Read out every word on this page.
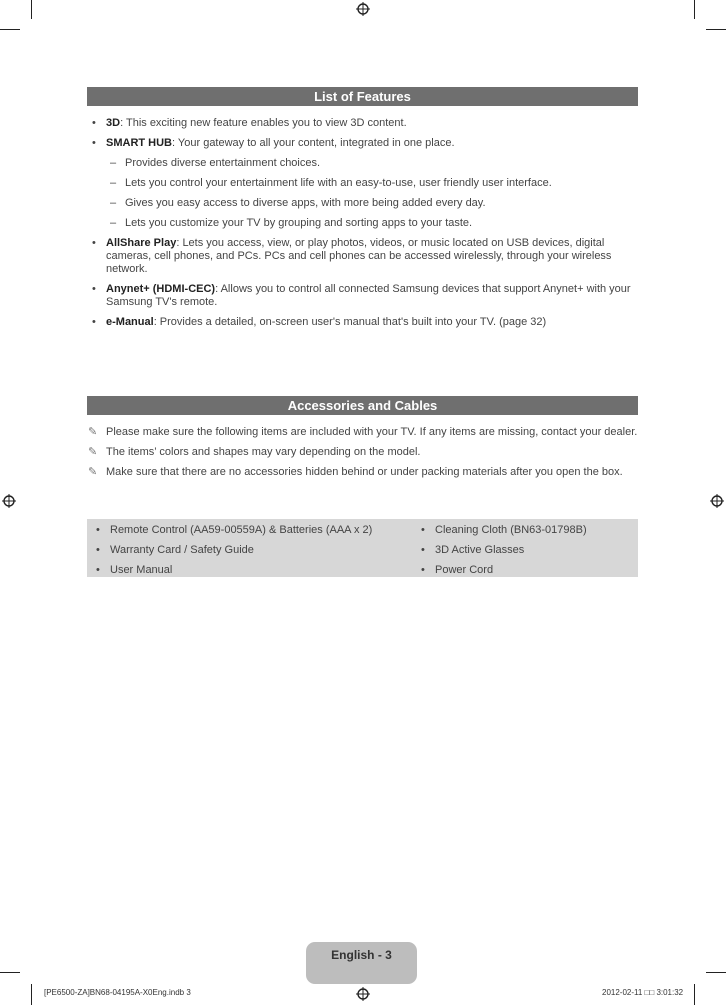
List of Features
• 3D: This exciting new feature enables you to view 3D content.
• SMART HUB: Your gateway to all your content, integrated in one place.
– Provides diverse entertainment choices.
– Lets you control your entertainment life with an easy-to-use, user friendly user interface.
– Gives you easy access to diverse apps, with more being added every day.
– Lets you customize your TV by grouping and sorting apps to your taste.
• AllShare Play: Lets you access, view, or play photos, videos, or music located on USB devices, digital cameras, cell phones, and PCs. PCs and cell phones can be accessed wirelessly, through your wireless network.
• Anynet+ (HDMI-CEC): Allows you to control all connected Samsung devices that support Anynet+ with your Samsung TV's remote.
• e-Manual: Provides a detailed, on-screen user's manual that's built into your TV. (page 32)
Accessories and Cables
✎ Please make sure the following items are included with your TV. If any items are missing, contact your dealer.
✎ The items’ colors and shapes may vary depending on the model.
✎ Make sure that there are no accessories hidden behind or under packing materials after you open the box.
• Remote Control (AA59-00559A) & Batteries (AAA x 2)
• Warranty Card / Safety Guide
• User Manual
• Cleaning Cloth (BN63-01798B)
• 3D Active Glasses
• Power Cord
English - 3
[PE6500-ZA]BN68-04195A-X0Eng.indb 3	2012-02-11 □□ 3:01:32
